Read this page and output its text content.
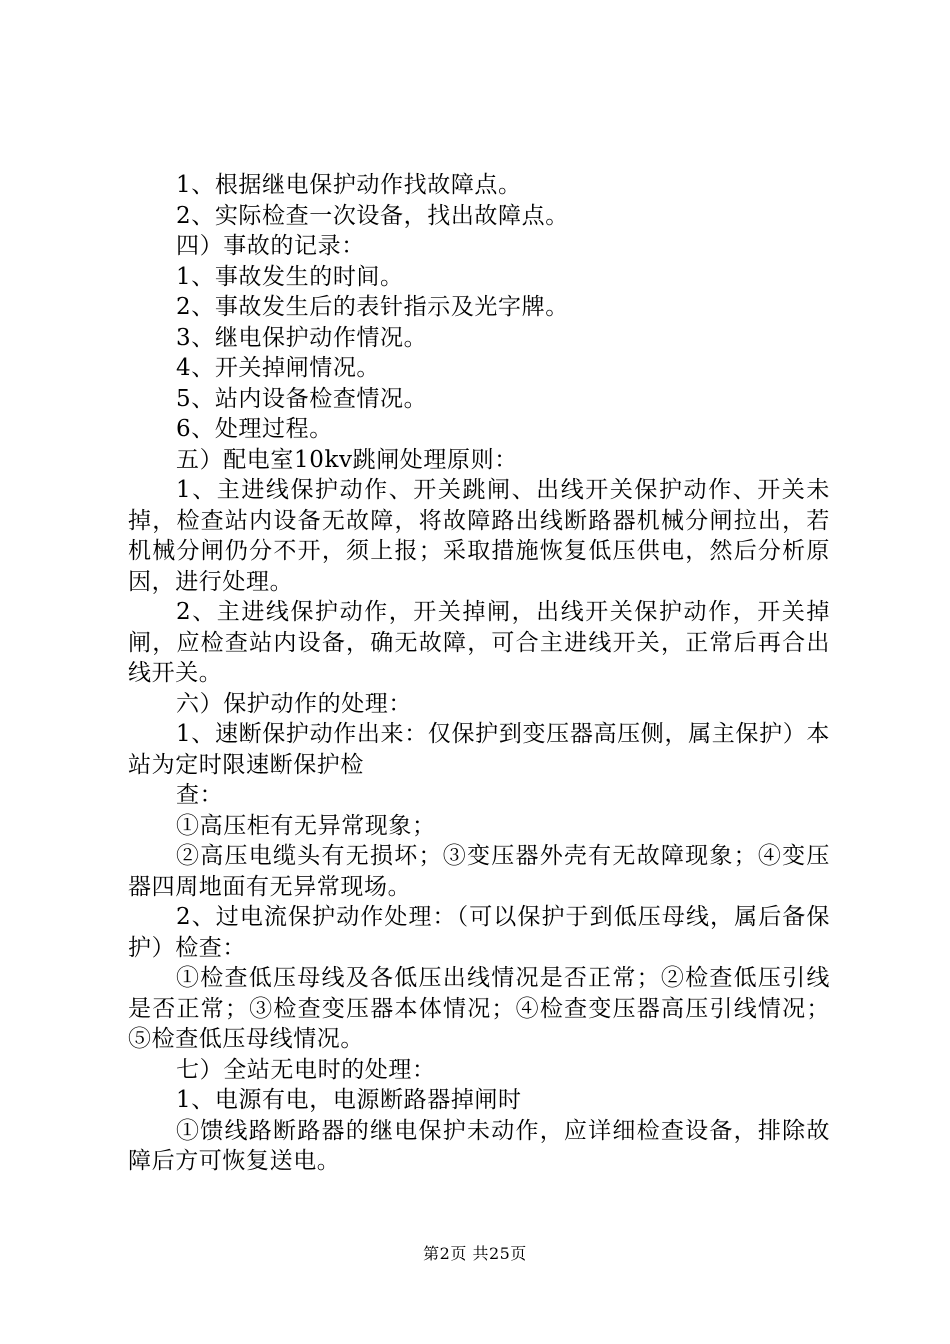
1、根据继电保护动作找故障点。

2、实际检查一次设备，找出故障点。

四）事故的记录：

1、事故发生的时间。

2、事故发生后的表针指示及光字牌。

3、继电保护动作情况。

4、开关掉闸情况。

5、站内设备检查情况。

6、处理过程。

五）配电室10kv跳闸处理原则：

1、主进线保护动作、开关跳闸、出线开关保护动作、开关未掉，检查站内设备无故障，将故障路出线断路器机械分闸拉出，若机械分闸仍分不开，须上报；采取措施恢复低压供电，然后分析原因，进行处理。

2、主进线保护动作，开关掉闸，出线开关保护动作，开关掉闸，应检查站内设备，确无故障，可合主进线开关，正常后再合出线开关。

六）保护动作的处理：

1、速断保护动作出来：仅保护到变压器高压侧，属主保护）本站为定时限速断保护检

查：

①高压柜有无异常现象；

②高压电缆头有无损坏；③变压器外壳有无故障现象；④变压器四周地面有无异常现场。

2、过电流保护动作处理：（可以保护于到低压母线，属后备保护）检查：

①检查低压母线及各低压出线情况是否正常；②检查低压引线是否正常；③检查变压器本体情况；④检查变压器高压引线情况；⑤检查低压母线情况。

七）全站无电时的处理：

1、电源有电，电源断路器掉闸时

①馈线路断路器的继电保护未动作，应详细检查设备，排除故障后方可恢复送电。

第2页 共25页
